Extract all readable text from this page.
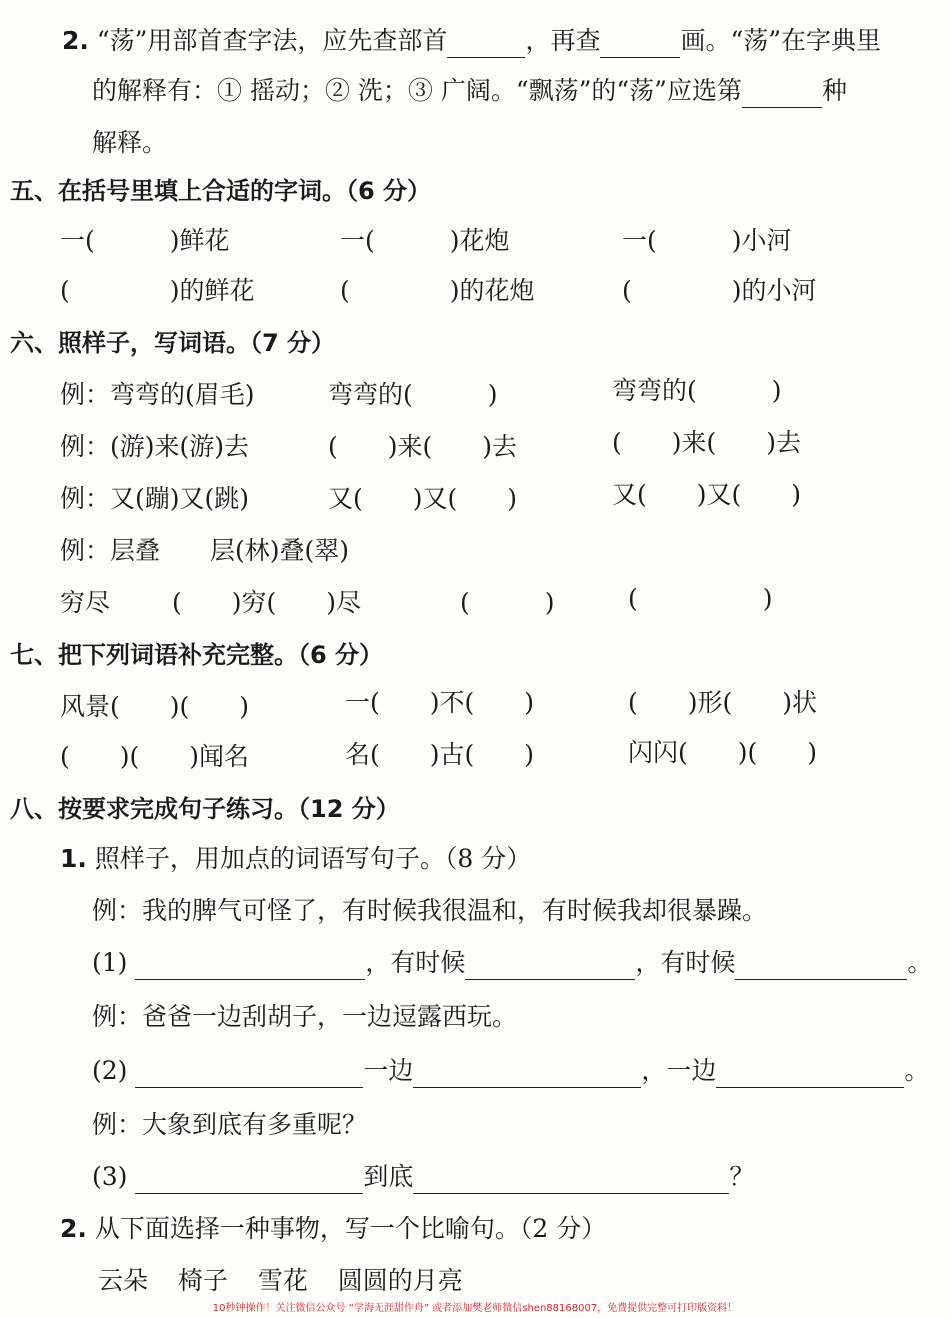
2. “荡”用部首查字法，应先查部首	，再查	画。“荡”在字典里
的解释有：① 摇动；② 洗；③ 广阔。“飘荡”的“荡”应选第	种
解释。
五、在括号里填上合适的字词。（6 分）
一(　　　)鲜花	一(　　　)花炮	一(　　　)小河
(　　　　)的鲜花	(　　　　)的花炮	(　　　　)的小河
六、照样子，写词语。（7 分）
例：弯弯的(眉毛)	弯弯的(　　　)	弯弯的(　　　)
例：(游)来(游)去	(　　)来(　　)去	(　　)来(　　)去
例：又(蹦)又(跳)	又(　　)又(　　)	又(　　)又(　　)
例：层叠　　层(林)叠(翠)
穷尽 (　　)穷(　　)尽	(　　　)	(　　　　　)
七、把下列词语补充完整。（6 分）
风景(　　)(　　)	一(　　)不(　　)	(　　)形(　　)状
(　　)(　　)闻名	名(　　)古(　　)	闪闪(　　)(　　)
八、按要求完成句子练习。（12 分）
1. 照样子，用加点的词语写句子。（8 分）
例：我的脾气可怪了，有时候我很温和，有时候我却很暴躁。
(1)	，有时候	，有时候	。
例：爸爸一边刮胡子，一边逗露西玩。
(2)	一边	，一边	。
例：大象到底有多重呢？
(3)	到底	？
2. 从下面选择一种事物，写一个比喻句。（2 分）
云朵 椅子 雪花 圆圆的月亮
10秒钟操作！关注微信公众号 “学海无涯甜作舟” 或者添加樊老师微信shen88168007，免费提供完整可打印版资料！
